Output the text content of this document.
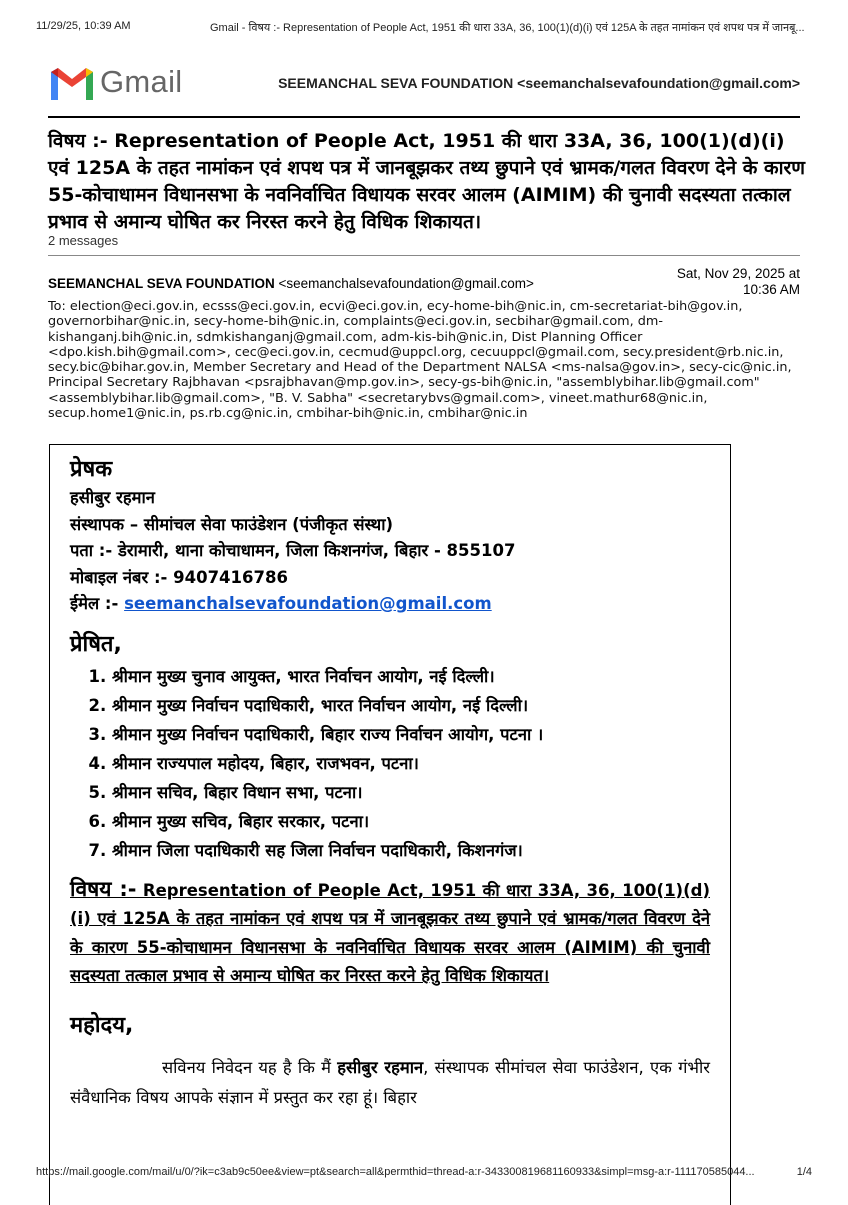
11/29/25, 10:39 AM	Gmail - विषय :- Representation of People Act, 1951 की धारा 33A, 36, 100(1)(d)(i) एवं 125A के तहत नामांकन एवं शपथ पत्र में जानबू...
Gmail	SEEMANCHAL SEVA FOUNDATION <seemanchalsevafoundation@gmail.com>
विषय :- Representation of People Act, 1951 की धारा 33A, 36, 100(1)(d)(i) एवं 125A के तहत नामांकन एवं शपथ पत्र में जानबूझकर तथ्य छुपाने एवं भ्रामक/गलत विवरण देने के कारण 55-कोचाधामन विधानसभा के नवनिर्वाचित विधायक सरवर आलम (AIMIM) की चुनावी सदस्यता तत्काल प्रभाव से अमान्य घोषित कर निरस्त करने हेतु विधिक शिकायत।
2 messages
SEEMANCHAL SEVA FOUNDATION <seemanchalsevafoundation@gmail.com>
Sat, Nov 29, 2025 at
10:36 AM
To: election@eci.gov.in, ecsss@eci.gov.in, ecvi@eci.gov.in, ecy-home-bih@nic.in, cm-secretariat-bih@gov.in, governorbihar@nic.in, secy-home-bih@nic.in, complaints@eci.gov.in, secbihar@gmail.com, dm-kishanganj.bih@nic.in, sdmkishanganj@gmail.com, adm-kis-bih@nic.in, Dist Planning Officer <dpo.kish.bih@gmail.com>, cec@eci.gov.in, cecmud@uppcl.org, cecuuppcl@gmail.com, secy.president@rb.nic.in, secy.bic@bihar.gov.in, Member Secretary and Head of the Department NALSA <ms-nalsa@gov.in>, secy-cic@nic.in, Principal Secretary Rajbhavan <psrajbhavan@mp.gov.in>, secy-gs-bih@nic.in, "assemblybihar.lib@gmail.com" <assemblybihar.lib@gmail.com>, "B. V. Sabha" <secretarybvs@gmail.com>, vineet.mathur68@nic.in, secup.home1@nic.in, ps.rb.cg@nic.in, cmbihar-bih@nic.in, cmbihar@nic.in
प्रेषक
हसीबुर रहमान
संस्थापक – सीमांचल सेवा फाउंडेशन (पंजीकृत संस्था)
पता :- डेरामारी, थाना कोचाधामन, जिला किशनगंज, बिहार - 855107
मोबाइल नंबर :- 9407416786
ईमेल :- seemanchalsevafoundation@gmail.com
प्रेषित,
1. श्रीमान मुख्य चुनाव आयुक्त, भारत निर्वाचन आयोग, नई दिल्ली।
2. श्रीमान मुख्य निर्वाचन पदाधिकारी, भारत निर्वाचन आयोग, नई दिल्ली।
3. श्रीमान मुख्य निर्वाचन पदाधिकारी, बिहार राज्य निर्वाचन आयोग, पटना ।
4. श्रीमान राज्यपाल महोदय, बिहार, राजभवन, पटना।
5. श्रीमान सचिव, बिहार विधान सभा, पटना।
6. श्रीमान मुख्य सचिव, बिहार सरकार, पटना।
7. श्रीमान जिला पदाधिकारी सह जिला निर्वाचन पदाधिकारी, किशनगंज।
विषय :- Representation of People Act, 1951 की धारा 33A, 36, 100(1)(d)(i) एवं 125A के तहत नामांकन एवं शपथ पत्र में जानबूझकर तथ्य छुपाने एवं भ्रामक/गलत विवरण देने के कारण 55-कोचाधामन विधानसभा के नवनिर्वाचित विधायक सरवर आलम (AIMIM) की चुनावी सदस्यता तत्काल प्रभाव से अमान्य घोषित कर निरस्त करने हेतु विधिक शिकायत।
महोदय,
सविनय निवेदन यह है कि मैं हसीबुर रहमान, संस्थापक सीमांचल सेवा फाउंडेशन, एक गंभीर संवैधानिक विषय आपके संज्ञान में प्रस्तुत कर रहा हूं। बिहार
https://mail.google.com/mail/u/0/?ik=c3ab9c50ee&view=pt&search=all&permthid=thread-a:r-343300819681160933&simpl=msg-a:r-111170585044...	1/4
